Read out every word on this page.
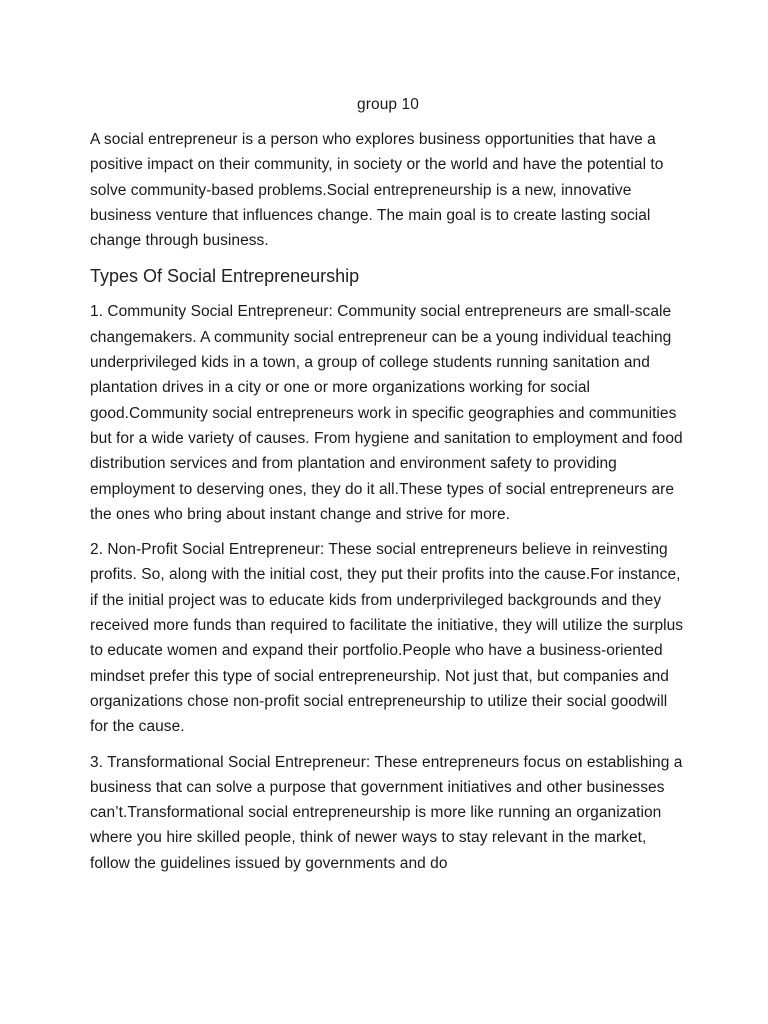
group 10

A social entrepreneur is a person who explores business opportunities that have a positive impact on their community, in society or the world and have the potential to solve community-based problems.Social entrepreneurship is a new, innovative business venture that influences change. The main goal is to create lasting social change through business.

Types Of Social Entrepreneurship

1. Community Social Entrepreneur: Community social entrepreneurs are small-scale changemakers. A community social entrepreneur can be a young individual teaching underprivileged kids in a town, a group of college students running sanitation and plantation drives in a city or one or more organizations working for social good.Community social entrepreneurs work in specific geographies and communities but for a wide variety of causes. From hygiene and sanitation to employment and food distribution services and from plantation and environment safety to providing employment to deserving ones, they do it all.These types of social entrepreneurs are the ones who bring about instant change and strive for more.

2. Non-Profit Social Entrepreneur: These social entrepreneurs believe in reinvesting profits. So, along with the initial cost, they put their profits into the cause.For instance, if the initial project was to educate kids from underprivileged backgrounds and they received more funds than required to facilitate the initiative, they will utilize the surplus to educate women and expand their portfolio.People who have a business-oriented mindset prefer this type of social entrepreneurship. Not just that, but companies and organizations chose non-profit social entrepreneurship to utilize their social goodwill for the cause.

3. Transformational Social Entrepreneur: These entrepreneurs focus on establishing a business that can solve a purpose that government initiatives and other businesses can’t.Transformational social entrepreneurship is more like running an organization where you hire skilled people, think of newer ways to stay relevant in the market, follow the guidelines issued by governments and do
